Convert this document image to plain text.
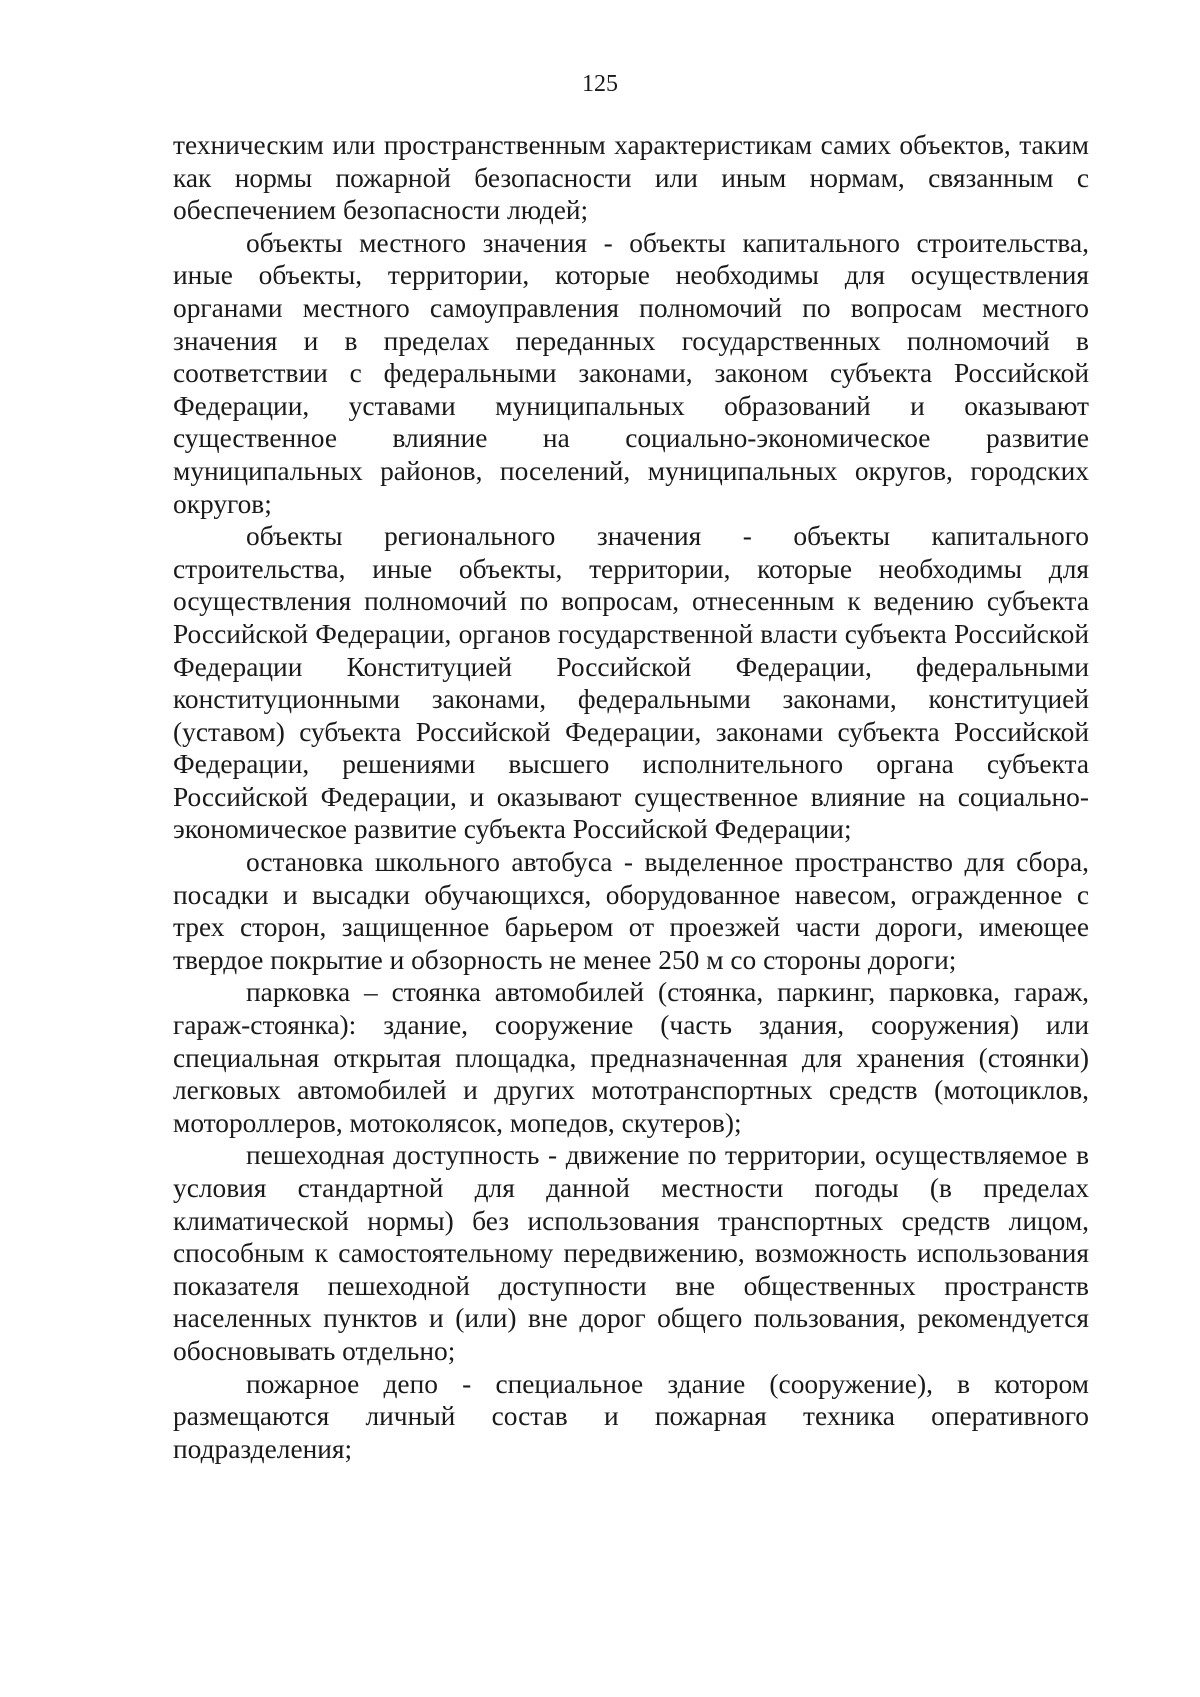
125

техническим или пространственным характеристикам самих объектов, таким как нормы пожарной безопасности или иным нормам, связанным с обеспечением безопасности людей;

объекты местного значения - объекты капитального строительства, иные объекты, территории, которые необходимы для осуществления органами местного самоуправления полномочий по вопросам местного значения и в пределах переданных государственных полномочий в соответствии с федеральными законами, законом субъекта Российской Федерации, уставами муниципальных образований и оказывают существенное влияние на социально-экономическое развитие муниципальных районов, поселений, муниципальных округов, городских округов;

объекты регионального значения - объекты капитального строительства, иные объекты, территории, которые необходимы для осуществления полномочий по вопросам, отнесенным к ведению субъекта Российской Федерации, органов государственной власти субъекта Российской Федерации Конституцией Российской Федерации, федеральными конституционными законами, федеральными законами, конституцией (уставом) субъекта Российской Федерации, законами субъекта Российской Федерации, решениями высшего исполнительного органа субъекта Российской Федерации, и оказывают существенное влияние на социально-экономическое развитие субъекта Российской Федерации;

остановка школьного автобуса - выделенное пространство для сбора, посадки и высадки обучающихся, оборудованное навесом, огражденное с трех сторон, защищенное барьером от проезжей части дороги, имеющее твердое покрытие и обзорность не менее 250 м со стороны дороги;

парковка – стоянка автомобилей (стоянка, паркинг, парковка, гараж, гараж-стоянка): здание, сооружение (часть здания, сооружения) или специальная открытая площадка, предназначенная для хранения (стоянки) легковых автомобилей и других мототранспортных средств (мотоциклов, мотороллеров, мотоколясок, мопедов, скутеров);

пешеходная доступность - движение по территории, осуществляемое в условия стандартной для данной местности погоды (в пределах климатической нормы) без использования транспортных средств лицом, способным к самостоятельному передвижению, возможность использования показателя пешеходной доступности вне общественных пространств населенных пунктов и (или) вне дорог общего пользования, рекомендуется обосновывать отдельно;

пожарное депо - специальное здание (сооружение), в котором размещаются личный состав и пожарная техника оперативного подразделения;
